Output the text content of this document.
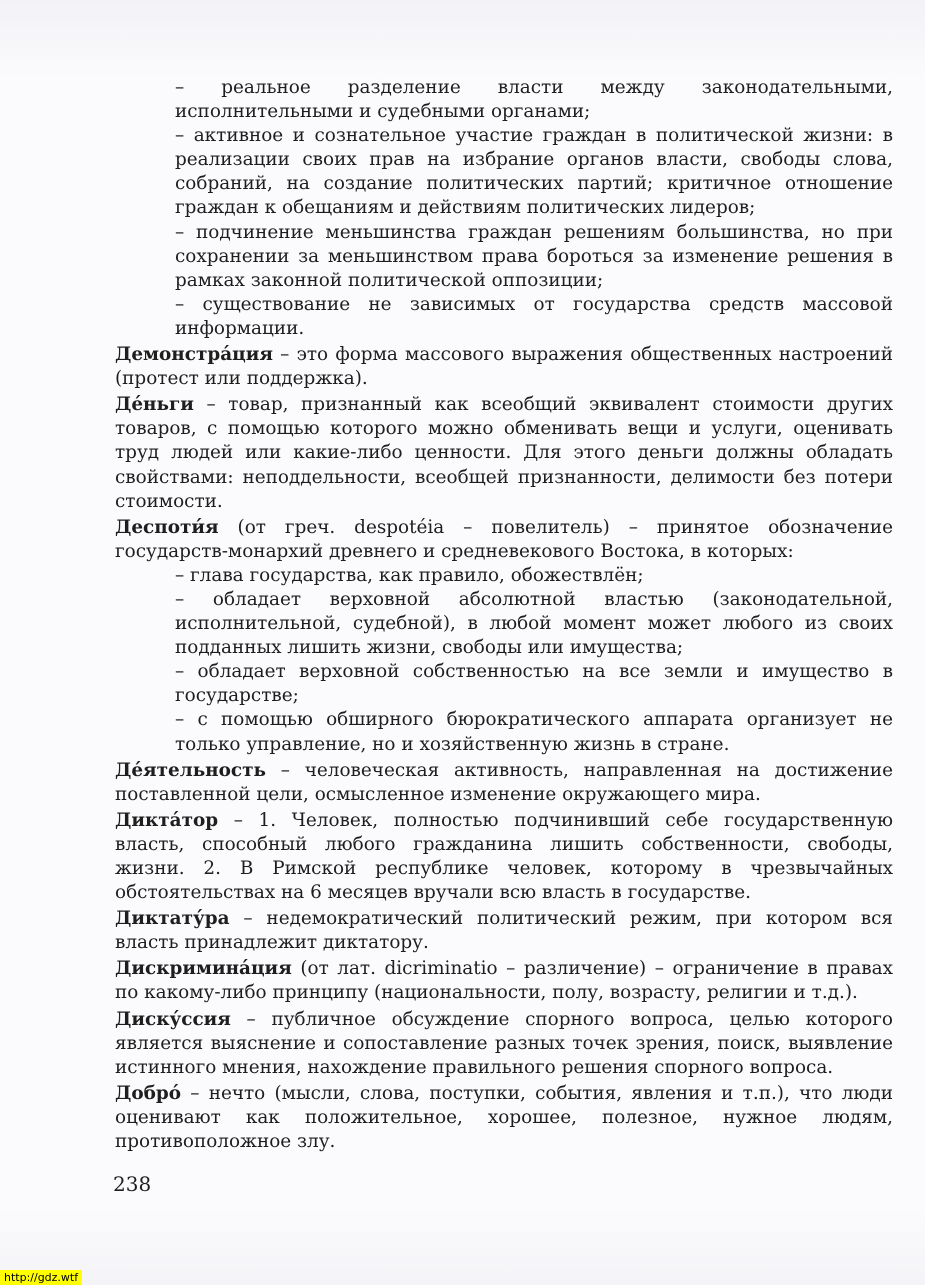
– реальное разделение власти между законодательными, исполнительными и судебными органами;

– активное и сознательное участие граждан в политической жизни: в реализации своих прав на избрание органов власти, свободы слова, собраний, на создание политических партий; критичное отношение граждан к обещаниям и действиям политических лидеров;

– подчинение меньшинства граждан решениям большинства, но при сохранении за меньшинством права бороться за изменение решения в рамках законной политической оппозиции;

– существование не зависимых от государства средств массовой информации.

Демонстра́ция – это форма массового выражения общественных настроений (протест или поддержка).

Де́ньги – товар, признанный как всеобщий эквивалент стоимости других товаров, с помощью которого можно обменивать вещи и услуги, оценивать труд людей или какие-либо ценности. Для этого деньги должны обладать свойствами: неподдельности, всеобщей признанности, делимости без потери стоимости.

Деспоти́я (от греч. despotéia – повелитель) – принятое обозначение государств-монархий древнего и средневекового Востока, в которых:

– глава государства, как правило, обожествлён;

– обладает верховной абсолютной властью (законодательной, исполнительной, судебной), в любой момент может любого из своих подданных лишить жизни, свободы или имущества;

– обладает верховной собственностью на все земли и имущество в государстве;

– с помощью обширного бюрократического аппарата организует не только управление, но и хозяйственную жизнь в стране.

Де́ятельность – человеческая активность, направленная на достижение поставленной цели, осмысленное изменение окружающего мира.

Дикта́тор – 1. Человек, полностью подчинивший себе государственную власть, способный любого гражданина лишить собственности, свободы, жизни. 2. В Римской республике человек, которому в чрезвычайных обстоятельствах на 6 месяцев вручали всю власть в государстве.

Диктату́ра – недемократический политический режим, при котором вся власть принадлежит диктатору.

Дискримина́ция (от лат. dicriminatio – различение) – ограничение в правах по какому-либо принципу (национальности, полу, возрасту, религии и т.д.).

Диску́ссия – публичное обсуждение спорного вопроса, целью которого является выяснение и сопоставление разных точек зрения, поиск, выявление истинного мнения, нахождение правильного решения спорного вопроса.

Добро́ – нечто (мысли, слова, поступки, события, явления и т.п.), что люди оценивают как положительное, хорошее, полезное, нужное людям, противоположное злу.

238
http://gdz.wtf
